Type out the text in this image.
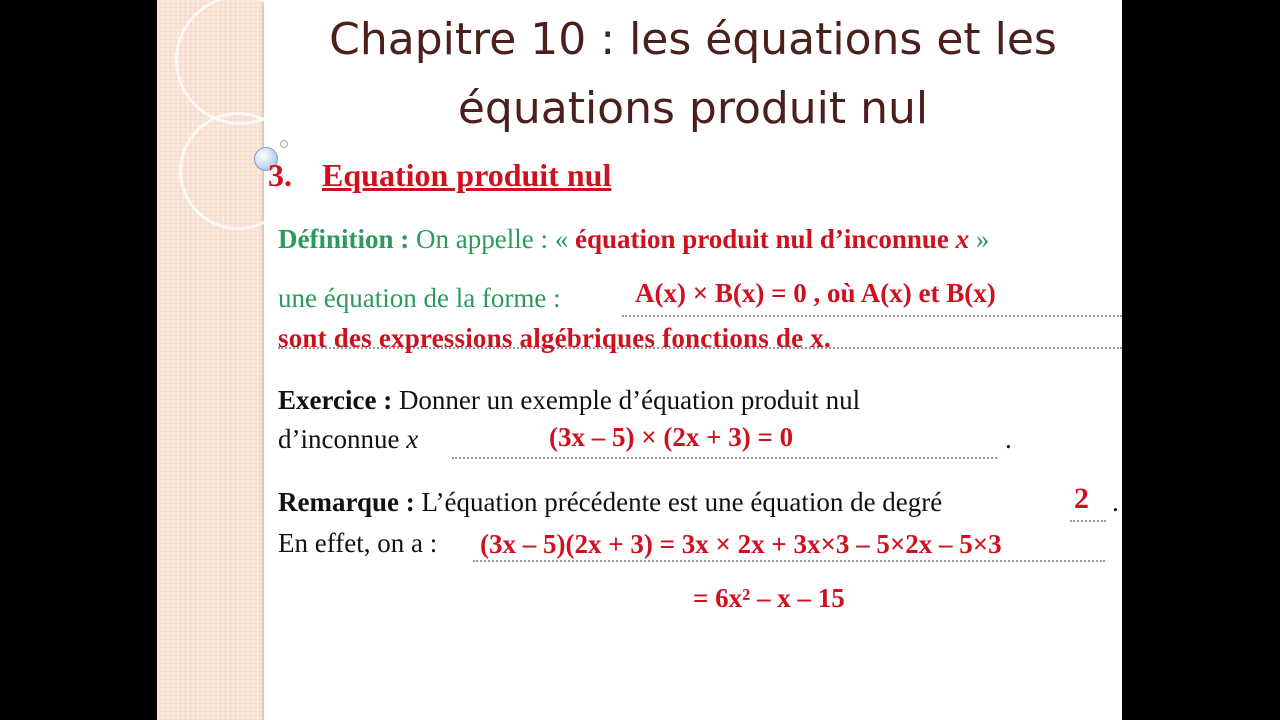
Chapitre 10 : les équations et les
équations produit nul
3. Equation produit nul
Définition : On appelle : « équation produit nul d’inconnue x »
une équation de la forme :	A(x) × B(x) = 0 , où A(x) et B(x)
sont des expressions algébriques fonctions de x.
Exercice : Donner un exemple d’équation produit nul
d’inconnue x	(3x – 5) × (2x + 3) = 0	.
Remarque : L’équation précédente est une équation de degré	2 .
En effet, on a : (3x – 5)(2x + 3) = 3x × 2x + 3x×3 – 5×2x – 5×3
= 6x² – x – 15
